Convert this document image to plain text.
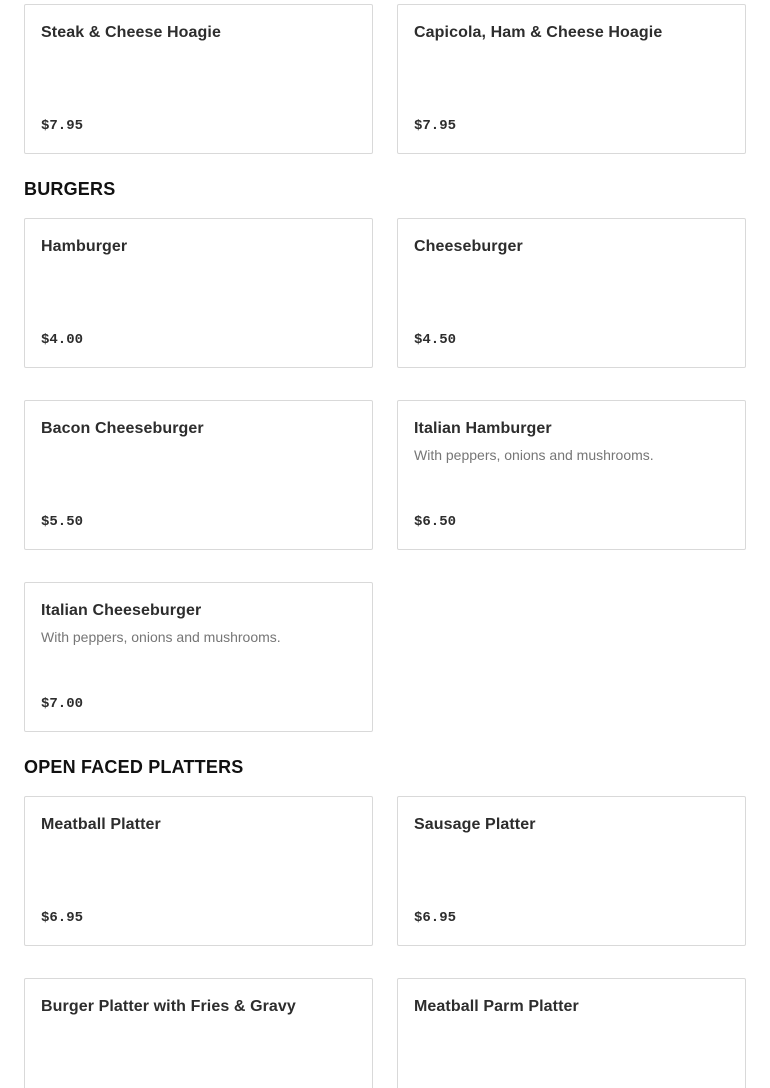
Steak & Cheese Hoagie
$7.95
Capicola, Ham & Cheese Hoagie
$7.95
BURGERS
Hamburger
$4.00
Cheeseburger
$4.50
Bacon Cheeseburger
$5.50
Italian Hamburger
With peppers, onions and mushrooms.
$6.50
Italian Cheeseburger
With peppers, onions and mushrooms.
$7.00
OPEN FACED PLATTERS
Meatball Platter
$6.95
Sausage Platter
$6.95
Burger Platter with Fries & Gravy	Meatball Parm Platter
